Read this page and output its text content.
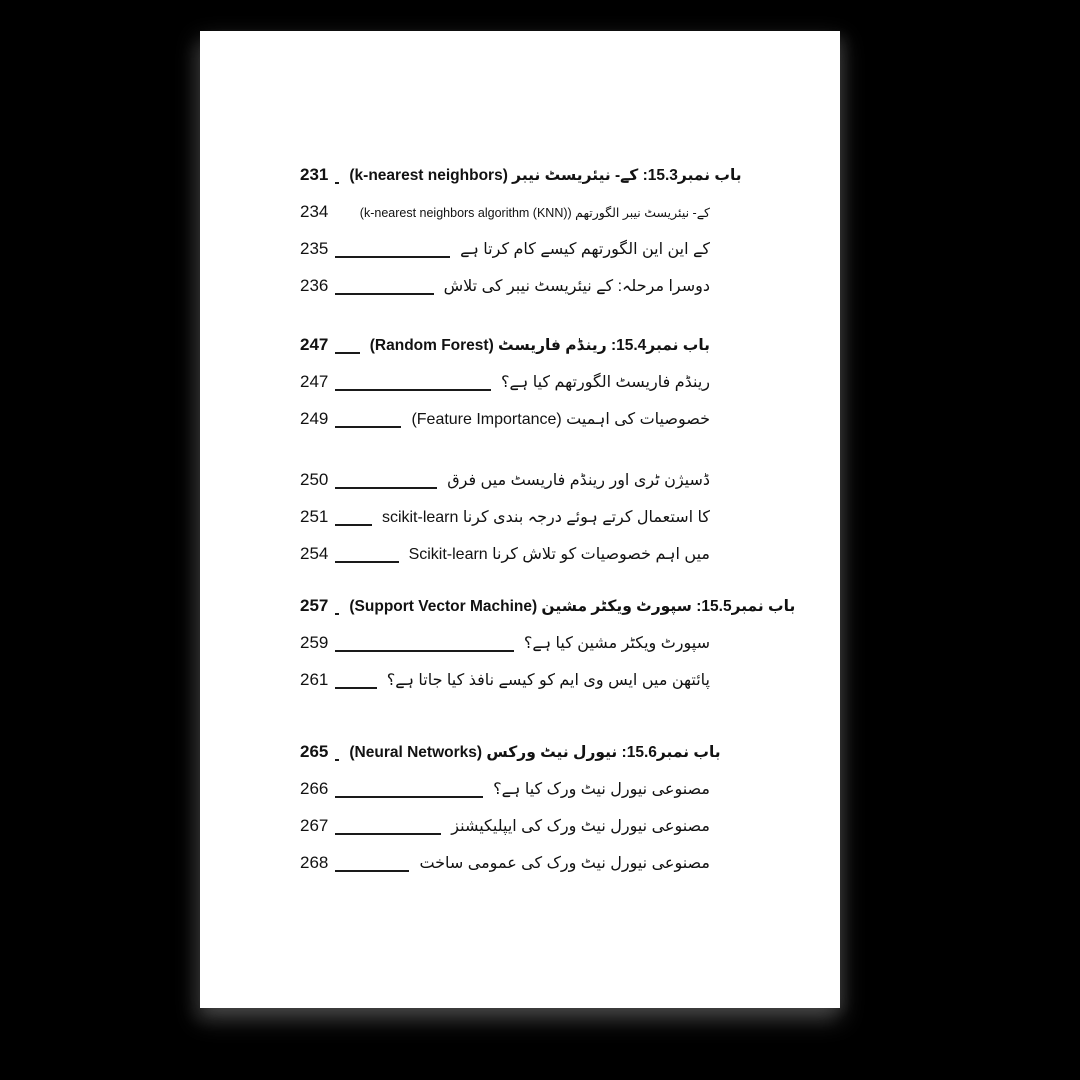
231 باب نمبر15.3: کے- نیئریسٹ نیبر (k-nearest neighbors)
234	کے- نیئریسٹ نیبر الگورتھم (k-nearest neighbors algorithm (KNN))
235	کے این این الگورتھم کیسے کام کرتا ہے
236	دوسرا مرحلہ: کے نیئریسٹ نیبر کی تلاش
247	باب نمبر15.4: رینڈم فاریسٹ (Random Forest)
247	رینڈم فاریسٹ الگورتھم کیا ہے؟
249	خصوصیات کی اہمیت (Feature Importance)
250	ڈسیژن ٹری اور رینڈم فاریسٹ میں فرق
251	کا استعمال کرتے ہوئے درجہ بندی کرنا scikit-learn
254	میں اہم خصوصیات کو تلاش کرنا Scikit-learn
257 باب نمبر15.5: سپورٹ ویکٹر مشین (Support Vector Machine)
259	سپورٹ ویکٹر مشین کیا ہے؟
261	پائتھن میں ایس وی ایم کو کیسے نافذ کیا جاتا ہے؟
265 باب نمبر15.6: نیورل نیٹ ورکس (Neural Networks)
266	مصنوعی نیورل نیٹ ورک کیا ہے؟
267	مصنوعی نیورل نیٹ ورک کی ایپلیکیشنز
268	مصنوعی نیورل نیٹ ورک کی عمومی ساخت
